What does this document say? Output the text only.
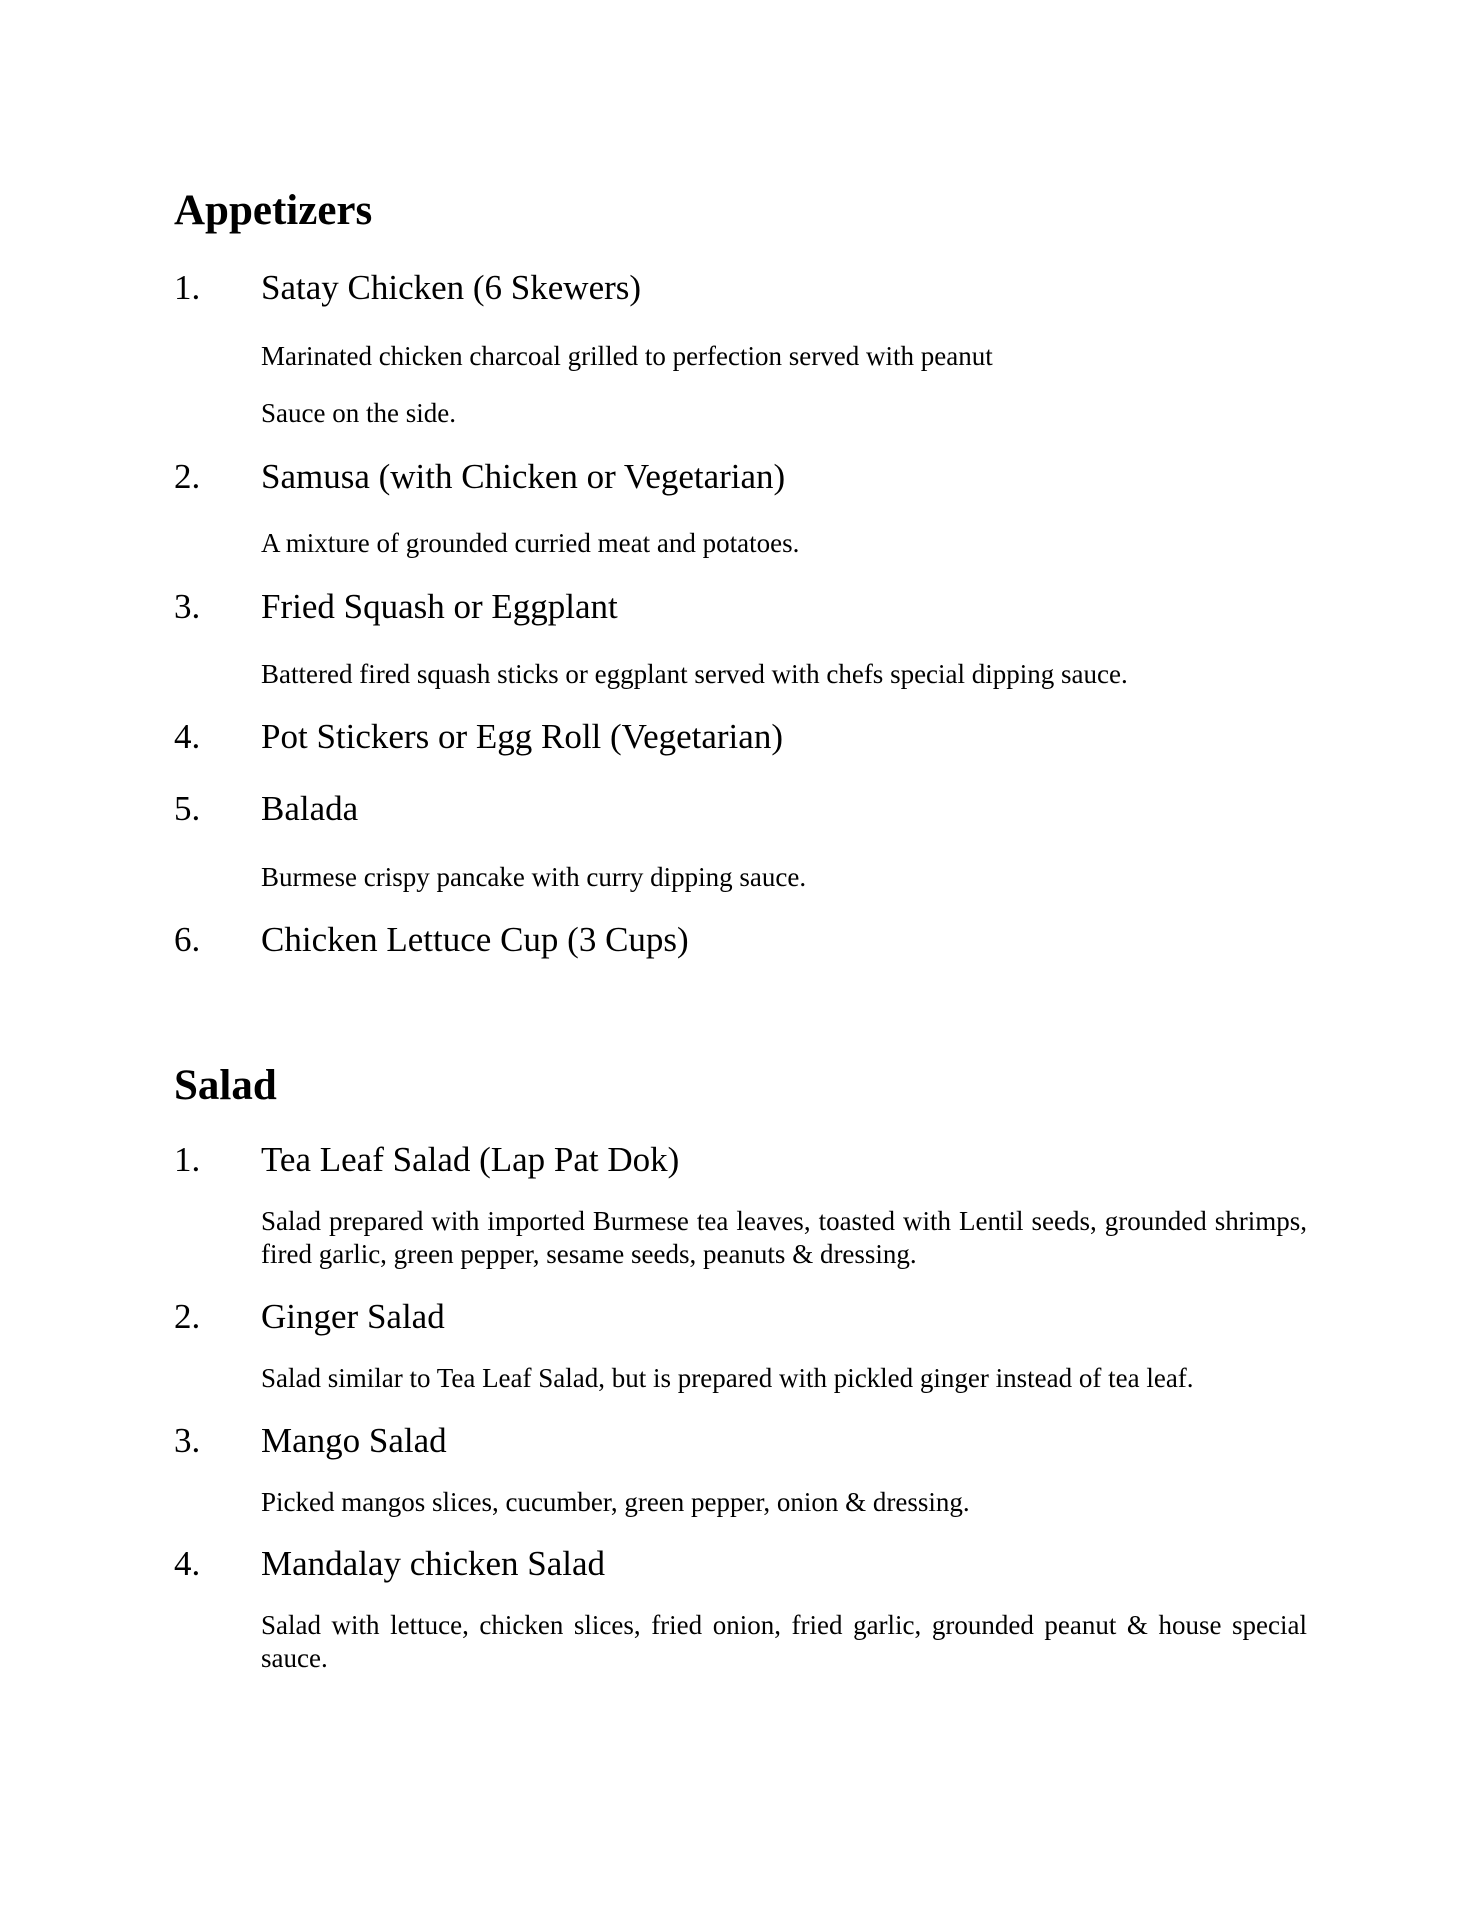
Appetizers
1. Satay Chicken (6 Skewers)

Marinated chicken charcoal grilled to perfection served with peanut

Sauce on the side.

2. Samusa (with Chicken or Vegetarian)

A mixture of grounded curried meat and potatoes.

3. Fried Squash or Eggplant

Battered fired squash sticks or eggplant served with chefs special dipping sauce.

4. Pot Stickers or Egg Roll (Vegetarian)
5. Balada

Burmese crispy pancake with curry dipping sauce.

6. Chicken Lettuce Cup (3 Cups)
Salad
1. Tea Leaf Salad (Lap Pat Dok)

Salad prepared with imported Burmese tea leaves, toasted with Lentil seeds, grounded shrimps, fired garlic, green pepper, sesame seeds, peanuts & dressing.

2. Ginger Salad

Salad similar to Tea Leaf Salad, but is prepared with pickled ginger instead of tea leaf.

3. Mango Salad

Picked mangos slices, cucumber, green pepper, onion & dressing.

4. Mandalay chicken Salad

Salad with lettuce, chicken slices, fried onion, fried garlic, grounded peanut & house special sauce.
